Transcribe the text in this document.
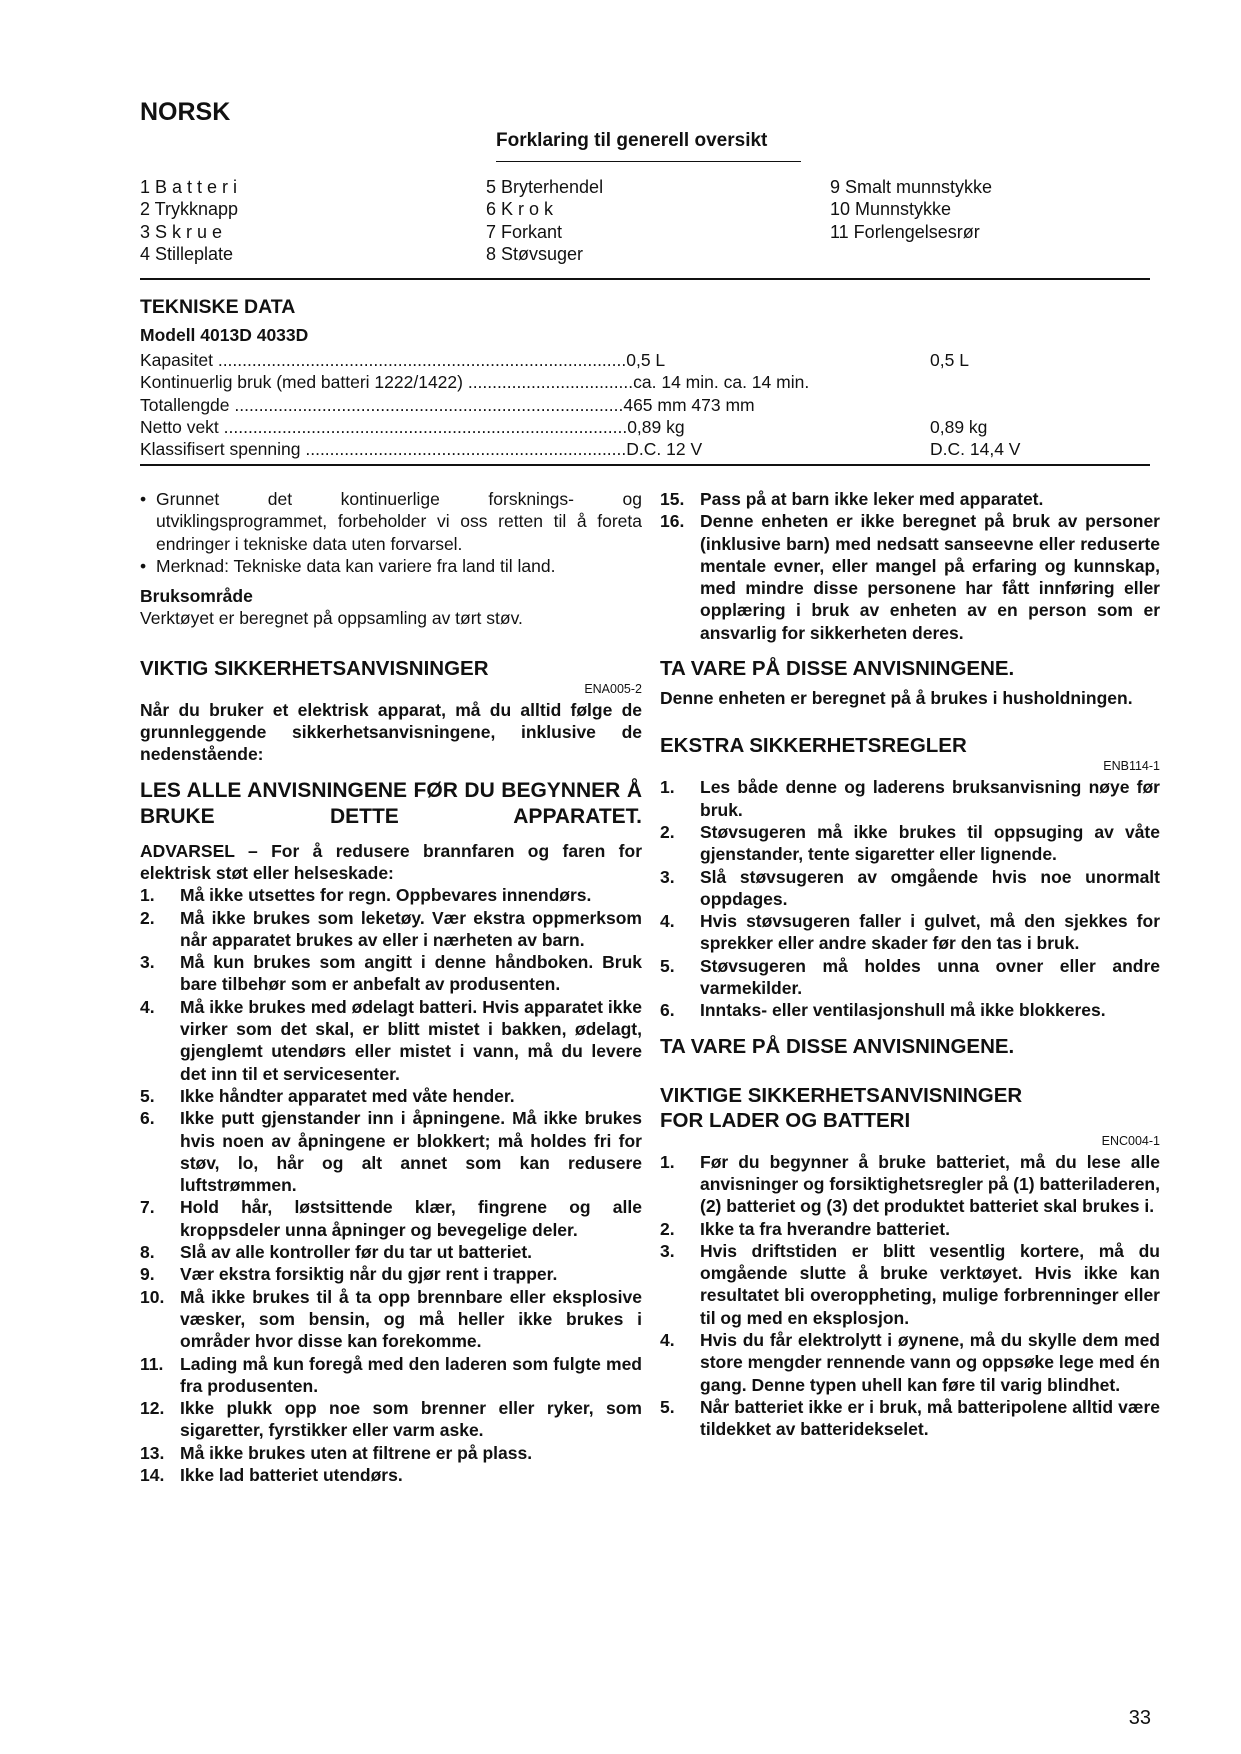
NORSK
Forklaring til generell oversikt
1 B a t t e r i
2 Trykknapp
3 S k r u e
4 Stilleplate
5 Bryterhendel
6 K r o k
7 Forkant
8 Støvsuger
9 Smalt munnstykke
10 Munnstykke
11 Forlengelsesrør
TEKNISKE DATA
Modell 4013D 4033D
Kapasitet ....................................................................................0,5 L	0,5 L
Kontinuerlig bruk (med batteri 1222/1422) ..................................ca. 14 min. ca. 14 min.
Totallengde ................................................................................465 mm 473 mm
Netto vekt ...................................................................................0,89 kg	0,89 kg
Klassifisert spenning ..................................................................D.C. 12 V	D.C. 14,4 V
• Grunnet det kontinuerlige forsknings- og utviklingsprogrammet, forbeholder vi oss retten til å foreta endringer i tekniske data uten forvarsel.
• Merknad: Tekniske data kan variere fra land til land.
Bruksområde
Verktøyet er beregnet på oppsamling av tørt støv.
VIKTIG SIKKERHETSANVISNINGER
ENA005-2
Når du bruker et elektrisk apparat, må du alltid følge de grunnleggende sikkerhetsanvisningene, inklusive de nedenstående:
LES ALLE ANVISNINGENE FØR DU BEGYNNER Å BRUKE DETTE APPARATET.
ADVARSEL – For å redusere brannfaren og faren for elektrisk støt eller helseskade:
1. Må ikke utsettes for regn. Oppbevares innendørs.
2. Må ikke brukes som leketøy. Vær ekstra oppmerksom når apparatet brukes av eller i nærheten av barn.
3. Må kun brukes som angitt i denne håndboken. Bruk bare tilbehør som er anbefalt av produsenten.
4. Må ikke brukes med ødelagt batteri. Hvis apparatet ikke virker som det skal, er blitt mistet i bakken, ødelagt, gjenglemt utendørs eller mistet i vann, må du levere det inn til et servicesenter.
5. Ikke håndter apparatet med våte hender.
6. Ikke putt gjenstander inn i åpningene. Må ikke brukes hvis noen av åpningene er blokkert; må holdes fri for støv, lo, hår og alt annet som kan redusere luftstrømmen.
7. Hold hår, løstsittende klær, fingrene og alle kroppsdeler unna åpninger og bevegelige deler.
8. Slå av alle kontroller før du tar ut batteriet.
9. Vær ekstra forsiktig når du gjør rent i trapper.
10. Må ikke brukes til å ta opp brennbare eller eksplosive væsker, som bensin, og må heller ikke brukes i områder hvor disse kan forekomme.
11. Lading må kun foregå med den laderen som fulgte med fra produsenten.
12. Ikke plukk opp noe som brenner eller ryker, som sigaretter, fyrstikker eller varm aske.
13. Må ikke brukes uten at filtrene er på plass.
14. Ikke lad batteriet utendørs.
15. Pass på at barn ikke leker med apparatet.
16. Denne enheten er ikke beregnet på bruk av personer (inklusive barn) med nedsatt sanseevne eller reduserte mentale evner, eller mangel på erfaring og kunnskap, med mindre disse personene har fått innføring eller opplæring i bruk av enheten av en person som er ansvarlig for sikkerheten deres.
TA VARE PÅ DISSE ANVISNINGENE.
Denne enheten er beregnet på å brukes i husholdningen.
EKSTRA SIKKERHETSREGLER
ENB114-1
1. Les både denne og laderens bruksanvisning nøye før bruk.
2. Støvsugeren må ikke brukes til oppsuging av våte gjenstander, tente sigaretter eller lignende.
3. Slå støvsugeren av omgående hvis noe unormalt oppdages.
4. Hvis støvsugeren faller i gulvet, må den sjekkes for sprekker eller andre skader før den tas i bruk.
5. Støvsugeren må holdes unna ovner eller andre varmekilder.
6. Inntaks- eller ventilasjonshull må ikke blokkeres.
TA VARE PÅ DISSE ANVISNINGENE.
VIKTIGE SIKKERHETSANVISNINGER
FOR LADER OG BATTERI
ENC004-1
1. Før du begynner å bruke batteriet, må du lese alle anvisninger og forsiktighetsregler på (1) batteriladeren, (2) batteriet og (3) det produktet batteriet skal brukes i.
2. Ikke ta fra hverandre batteriet.
3. Hvis driftstiden er blitt vesentlig kortere, må du omgående slutte å bruke verktøyet. Hvis ikke kan resultatet bli overoppheting, mulige forbrenninger eller til og med en eksplosjon.
4. Hvis du får elektrolytt i øynene, må du skylle dem med store mengder rennende vann og oppsøke lege med én gang. Denne typen uhell kan føre til varig blindhet.
5. Når batteriet ikke er i bruk, må batteripolene alltid være tildekket av batteridekselet.
33
